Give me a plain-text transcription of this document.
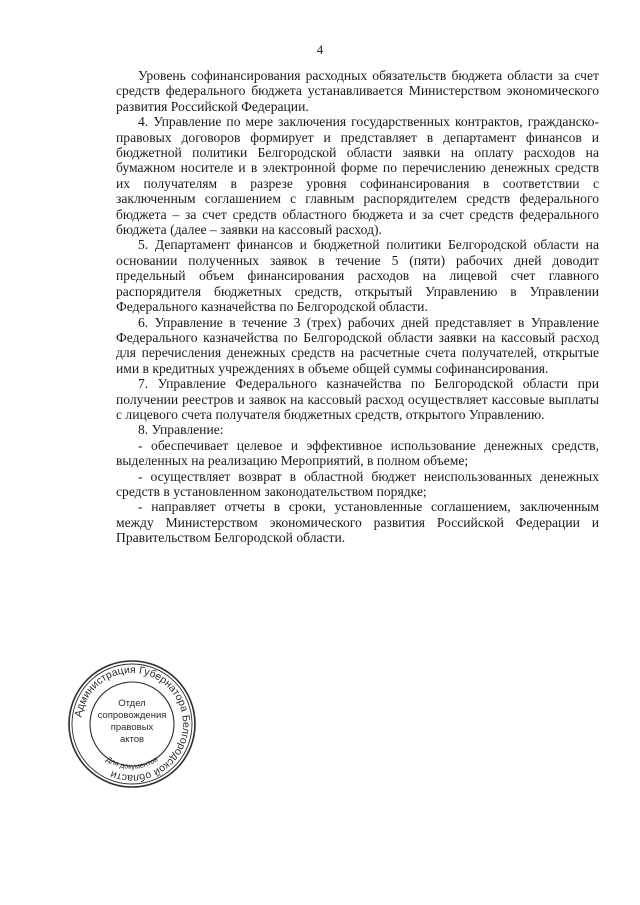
4

Уровень софинансирования расходных обязательств бюджета области за счет средств федерального бюджета устанавливается Министерством экономического развития Российской Федерации.

4. Управление по мере заключения государственных контрактов, гражданско-правовых договоров формирует и представляет в департамент финансов и бюджетной политики Белгородской области заявки на оплату расходов на бумажном носителе и в электронной форме по перечислению денежных средств их получателям в разрезе уровня софинансирования в соответствии с заключенным соглашением с главным распорядителем средств федерального бюджета – за счет средств областного бюджета и за счет средств федерального бюджета (далее – заявки на кассовый расход).

5. Департамент финансов и бюджетной политики Белгородской области на основании полученных заявок в течение 5 (пяти) рабочих дней доводит предельный объем финансирования расходов на лицевой счет главного распорядителя бюджетных средств, открытый Управлению в Управлении Федерального казначейства по Белгородской области.

6. Управление в течение 3 (трех) рабочих дней представляет в Управление Федерального казначейства по Белгородской области заявки на кассовый расход для перечисления денежных средств на расчетные счета получателей, открытые ими в кредитных учреждениях в объеме общей суммы софинансирования.

7. Управление Федерального казначейства по Белгородской области при получении реестров и заявок на кассовый расход осуществляет кассовые выплаты с лицевого счета получателя бюджетных средств, открытого Управлению.

8. Управление:

- обеспечивает целевое и эффективное использование денежных средств, выделенных на реализацию Мероприятий, в полном объеме;

- осуществляет возврат в областной бюджет неиспользованных денежных средств в установленном законодательством порядке;

- направляет отчеты в сроки, установленные соглашением, заключенным между Министерством экономического развития Российской Федерации и Правительством Белгородской области.

Администрация Губернатора Белгородской области
Отдел
сопровождения
правовых
актов
Для документов
